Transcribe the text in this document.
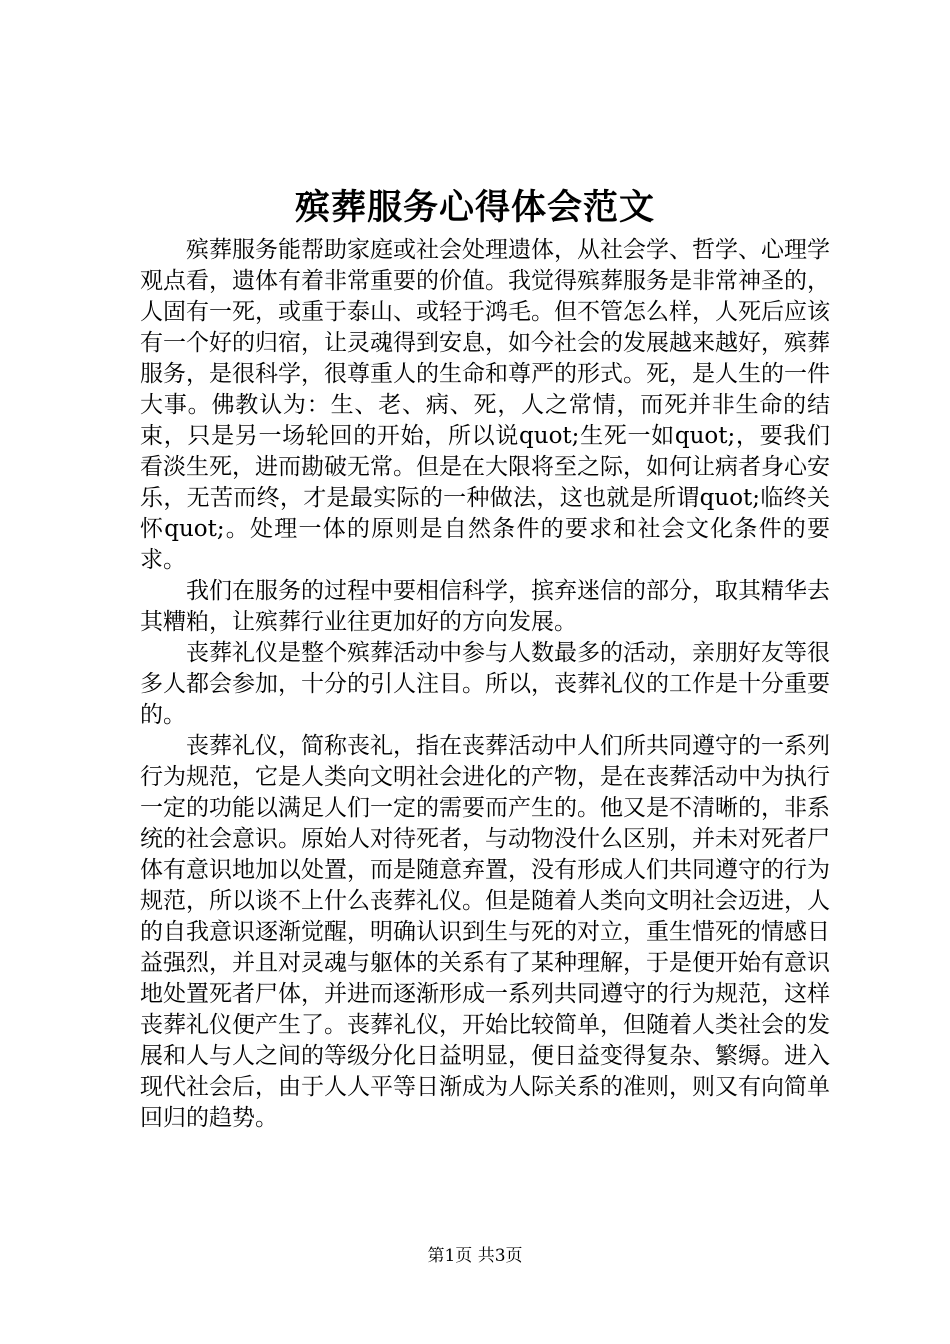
殡葬服务心得体会范文

殡葬服务能帮助家庭或社会处理遗体，从社会学、哲学、心理学观点看，遗体有着非常重要的价值。我觉得殡葬服务是非常神圣的，人固有一死，或重于泰山、或轻于鸿毛。但不管怎么样，人死后应该有一个好的归宿，让灵魂得到安息，如今社会的发展越来越好，殡葬服务，是很科学，很尊重人的生命和尊严的形式。死，是人生的一件大事。佛教认为：生、老、病、死，人之常情，而死并非生命的结束，只是另一场轮回的开始，所以说quot;生死一如quot;，要我们看淡生死，进而勘破无常。但是在大限将至之际，如何让病者身心安乐，无苦而终，才是最实际的一种做法，这也就是所谓quot;临终关怀quot;。处理一体的原则是自然条件的要求和社会文化条件的要求。

我们在服务的过程中要相信科学，摈弃迷信的部分，取其精华去其糟粕，让殡葬行业往更加好的方向发展。

丧葬礼仪是整个殡葬活动中参与人数最多的活动，亲朋好友等很多人都会参加，十分的引人注目。所以，丧葬礼仪的工作是十分重要的。

丧葬礼仪，简称丧礼，指在丧葬活动中人们所共同遵守的一系列行为规范，它是人类向文明社会进化的产物，是在丧葬活动中为执行一定的功能以满足人们一定的需要而产生的。他又是不清晰的，非系统的社会意识。原始人对待死者，与动物没什么区别，并未对死者尸体有意识地加以处置，而是随意弃置，没有形成人们共同遵守的行为规范，所以谈不上什么丧葬礼仪。但是随着人类向文明社会迈进，人的自我意识逐渐觉醒，明确认识到生与死的对立，重生惜死的情感日益强烈，并且对灵魂与躯体的关系有了某种理解，于是便开始有意识地处置死者尸体，并进而逐渐形成一系列共同遵守的行为规范，这样丧葬礼仪便产生了。丧葬礼仪，开始比较简单，但随着人类社会的发展和人与人之间的等级分化日益明显，便日益变得复杂、繁缛。进入现代社会后，由于人人平等日渐成为人际关系的准则，则又有向简单回归的趋势。

第1页 共3页
